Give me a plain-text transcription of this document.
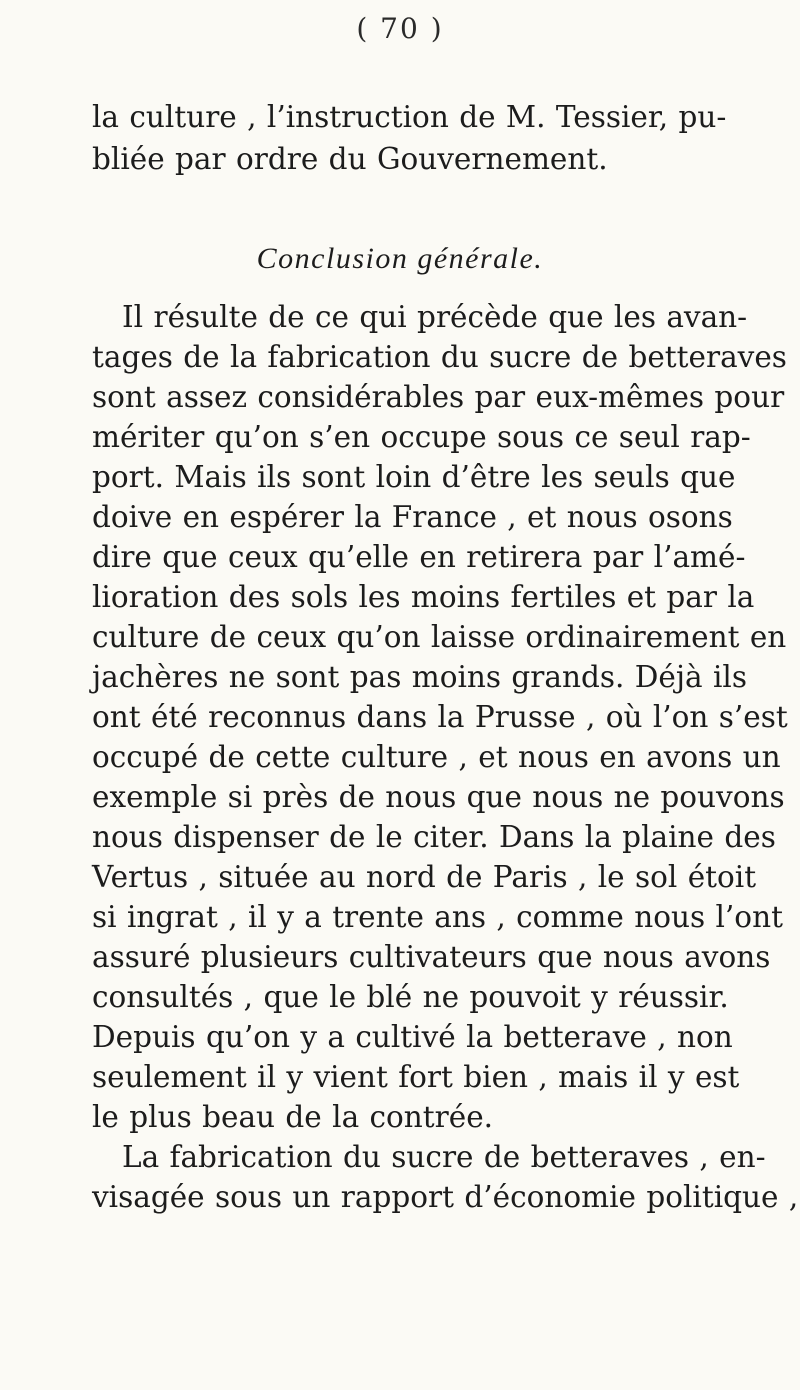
( 70 )
la culture , l’instruction de M. Tessier, pu-
bliée par ordre du Gouvernement.
Conclusion générale.
Il résulte de ce qui précède que les avan-
tages de la fabrication du sucre de betteraves
sont assez considérables par eux-mêmes pour
mériter qu’on s’en occupe sous ce seul rap-
port. Mais ils sont loin d’être les seuls que
doive en espérer la France , et nous osons
dire que ceux qu’elle en retirera par l’amé-
lioration des sols les moins fertiles et par la
culture de ceux qu’on laisse ordinairement en
jachères ne sont pas moins grands. Déjà ils
ont été reconnus dans la Prusse , où l’on s’est
occupé de cette culture , et nous en avons un
exemple si près de nous que nous ne pouvons
nous dispenser de le citer. Dans la plaine des
Vertus , située au nord de Paris , le sol étoit
si ingrat , il y a trente ans , comme nous l’ont
assuré plusieurs cultivateurs que nous avons
consultés , que le blé ne pouvoit y réussir.
Depuis qu’on y a cultivé la betterave , non
seulement il y vient fort bien , mais il y est
le plus beau de la contrée.
La fabrication du sucre de betteraves , en-
visagée sous un rapport d’économie politique ,
